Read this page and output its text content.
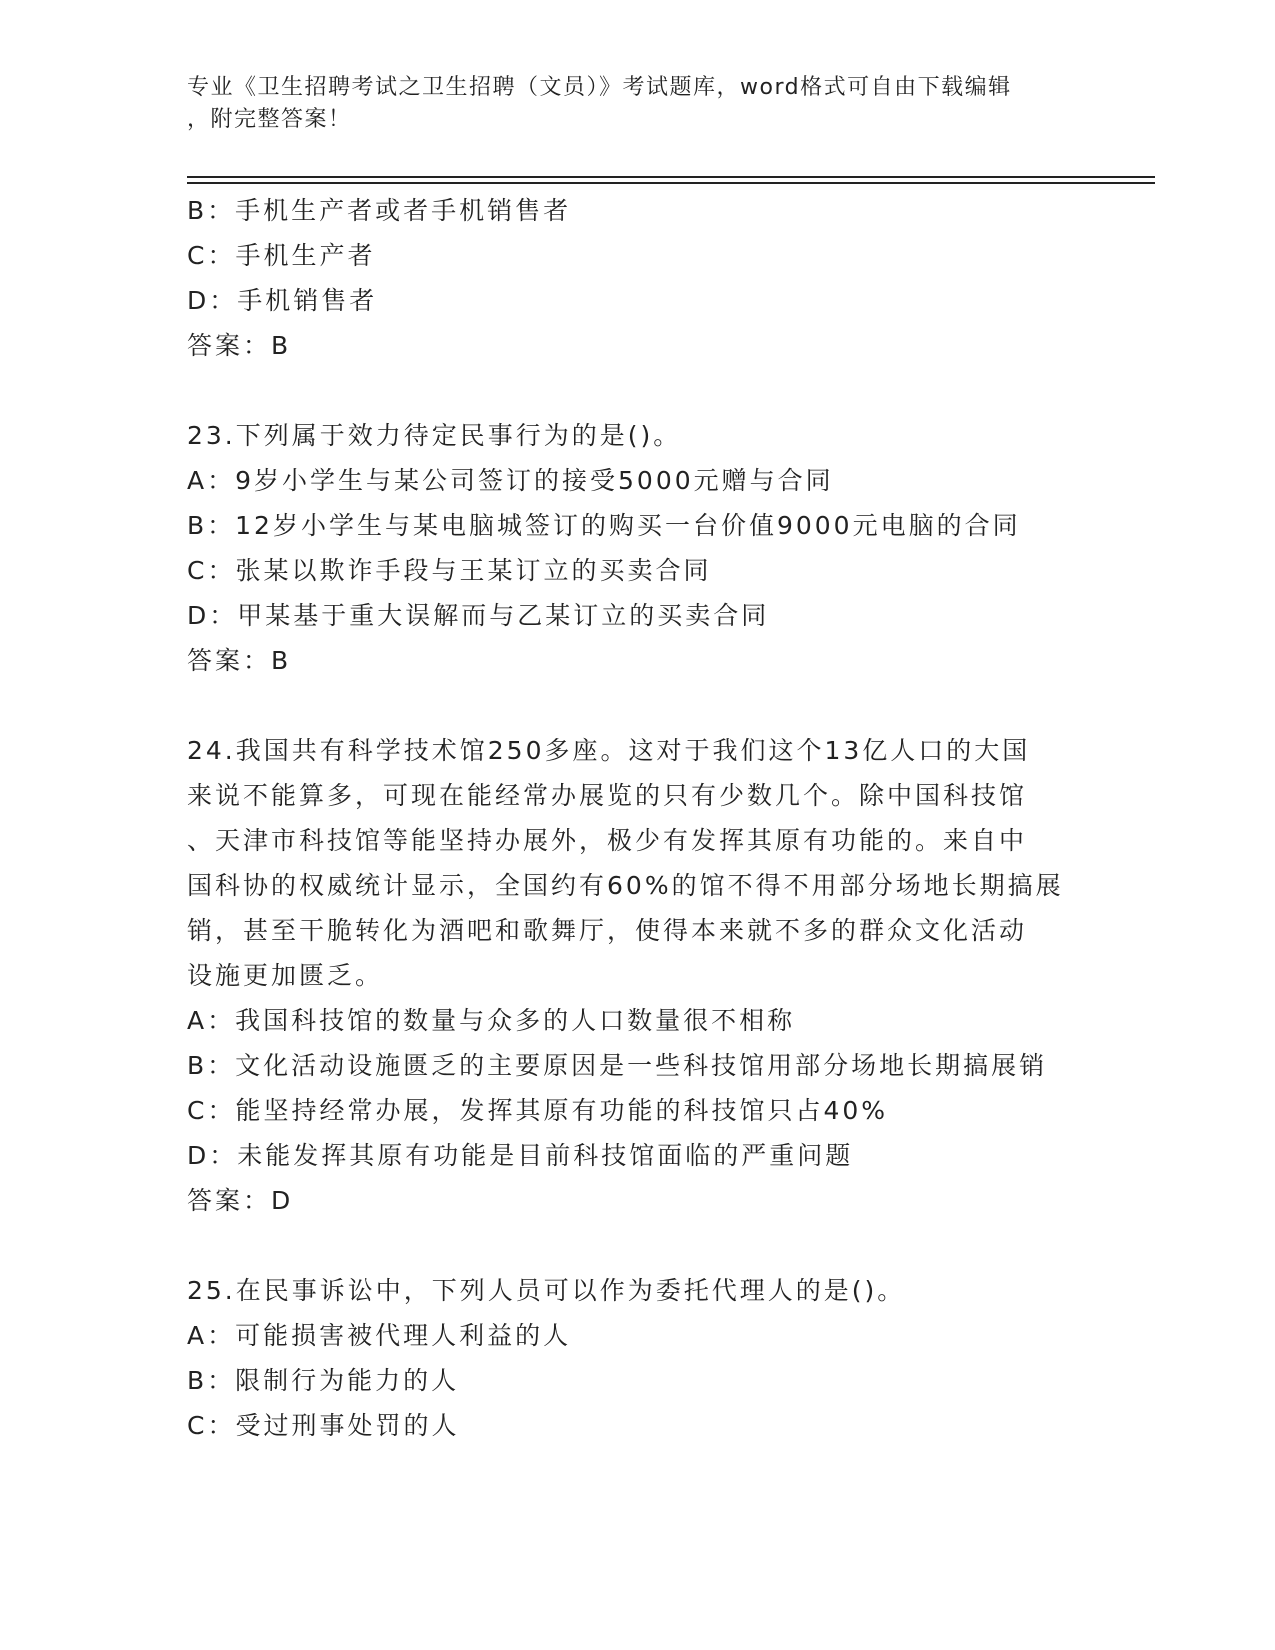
专业《卫生招聘考试之卫生招聘（文员）》考试题库，word格式可自由下载编辑
，附完整答案！
B：手机生产者或者手机销售者
C：手机生产者
D：手机销售者
答案：B
23.下列属于效力待定民事行为的是()。
A：9岁小学生与某公司签订的接受5000元赠与合同
B：12岁小学生与某电脑城签订的购买一台价值9000元电脑的合同
C：张某以欺诈手段与王某订立的买卖合同
D：甲某基于重大误解而与乙某订立的买卖合同
答案：B
24.我国共有科学技术馆250多座。这对于我们这个13亿人口的大国
来说不能算多，可现在能经常办展览的只有少数几个。除中国科技馆
、天津市科技馆等能坚持办展外，极少有发挥其原有功能的。来自中
国科协的权威统计显示，全国约有60%的馆不得不用部分场地长期搞展
销，甚至干脆转化为酒吧和歌舞厅，使得本来就不多的群众文化活动
设施更加匮乏。
A：我国科技馆的数量与众多的人口数量很不相称
B：文化活动设施匮乏的主要原因是一些科技馆用部分场地长期搞展销
C：能坚持经常办展，发挥其原有功能的科技馆只占40%
D：未能发挥其原有功能是目前科技馆面临的严重问题
答案：D
25.在民事诉讼中，下列人员可以作为委托代理人的是()。
A：可能损害被代理人利益的人
B：限制行为能力的人
C：受过刑事处罚的人
